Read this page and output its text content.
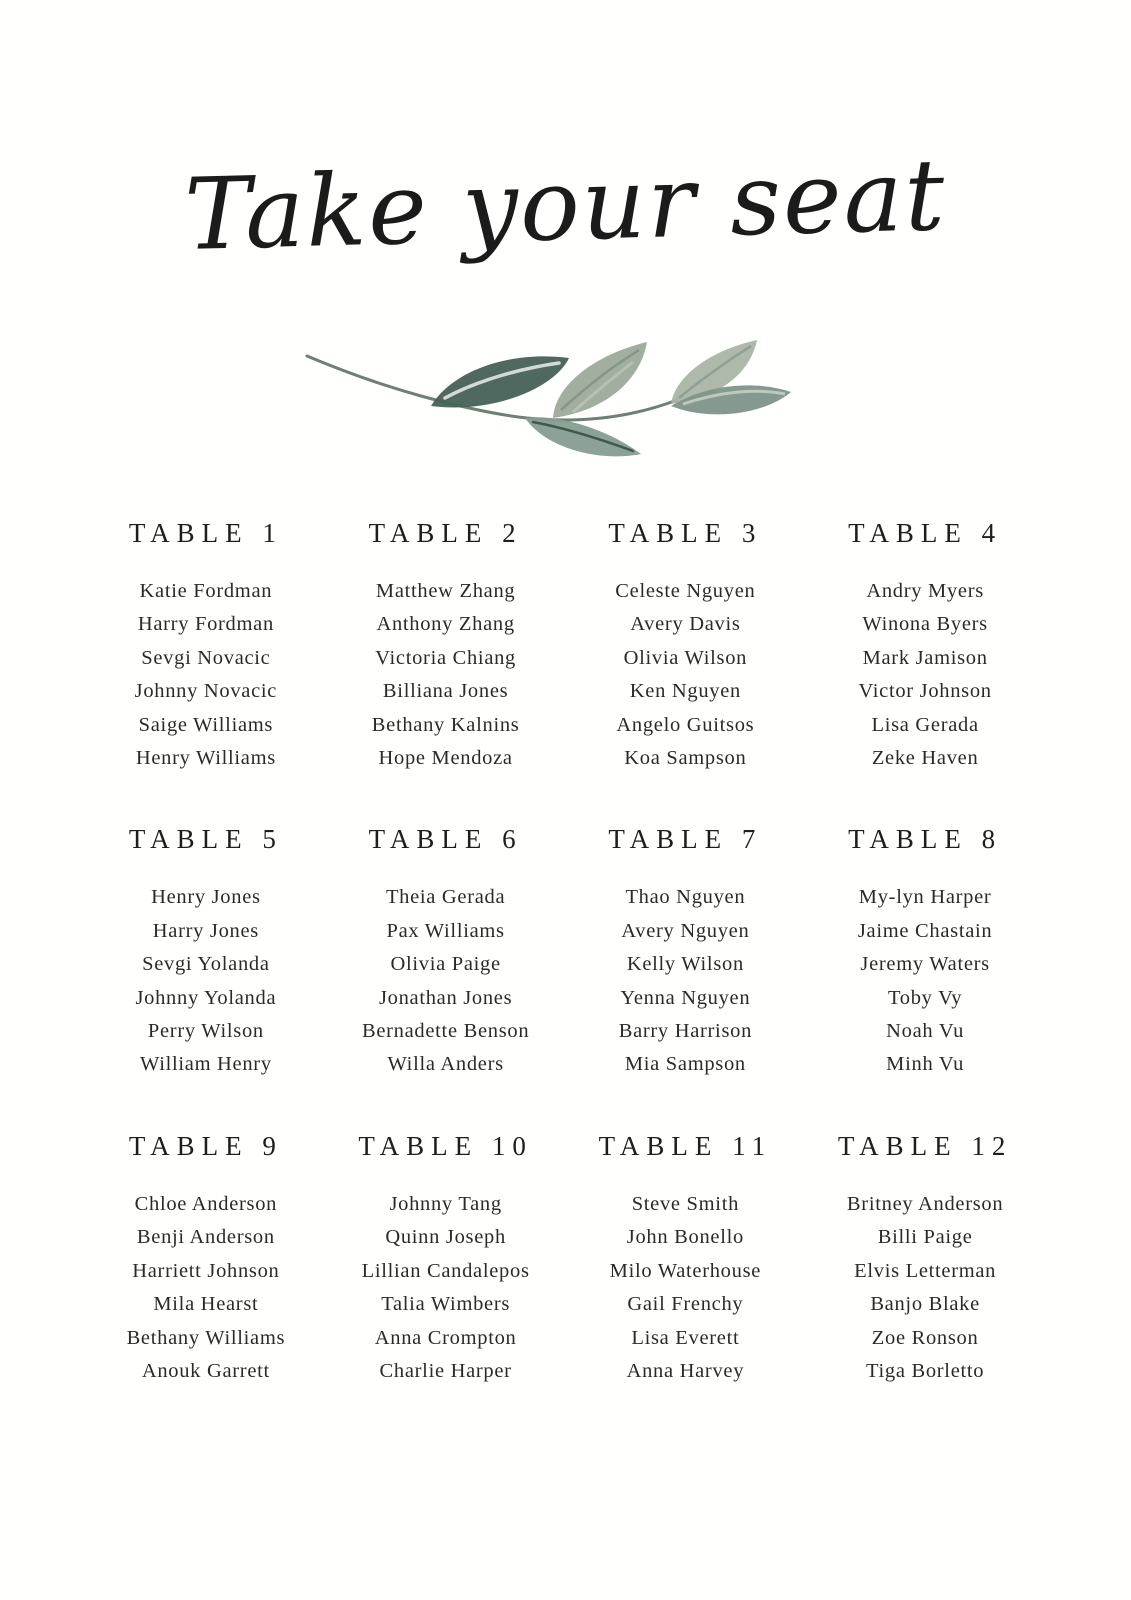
Take your seat
TABLE 1
Katie Fordman
Harry Fordman
Sevgi Novacic
Johnny Novacic
Saige Williams
Henry Williams
TABLE 2
Matthew Zhang
Anthony Zhang
Victoria Chiang
Billiana Jones
Bethany Kalnins
Hope Mendoza
TABLE 3
Celeste Nguyen
Avery Davis
Olivia Wilson
Ken Nguyen
Angelo Guitsos
Koa Sampson
TABLE 4
Andry Myers
Winona Byers
Mark Jamison
Victor Johnson
Lisa Gerada
Zeke Haven
TABLE 5
Henry Jones
Harry Jones
Sevgi Yolanda
Johnny Yolanda
Perry Wilson
William Henry
TABLE 6
Theia Gerada
Pax Williams
Olivia Paige
Jonathan Jones
Bernadette Benson
Willa Anders
TABLE 7
Thao Nguyen
Avery Nguyen
Kelly Wilson
Yenna Nguyen
Barry Harrison
Mia Sampson
TABLE 8
My-lyn Harper
Jaime Chastain
Jeremy Waters
Toby Vy
Noah Vu
Minh Vu
TABLE 9
Chloe Anderson
Benji Anderson
Harriett Johnson
Mila Hearst
Bethany Williams
Anouk Garrett
TABLE 10
Johnny Tang
Quinn Joseph
Lillian Candalepos
Talia Wimbers
Anna Crompton
Charlie Harper
TABLE 11
Steve Smith
John Bonello
Milo Waterhouse
Gail Frenchy
Lisa Everett
Anna Harvey
TABLE 12
Britney Anderson
Billi Paige
Elvis Letterman
Banjo Blake
Zoe Ronson
Tiga Borletto
